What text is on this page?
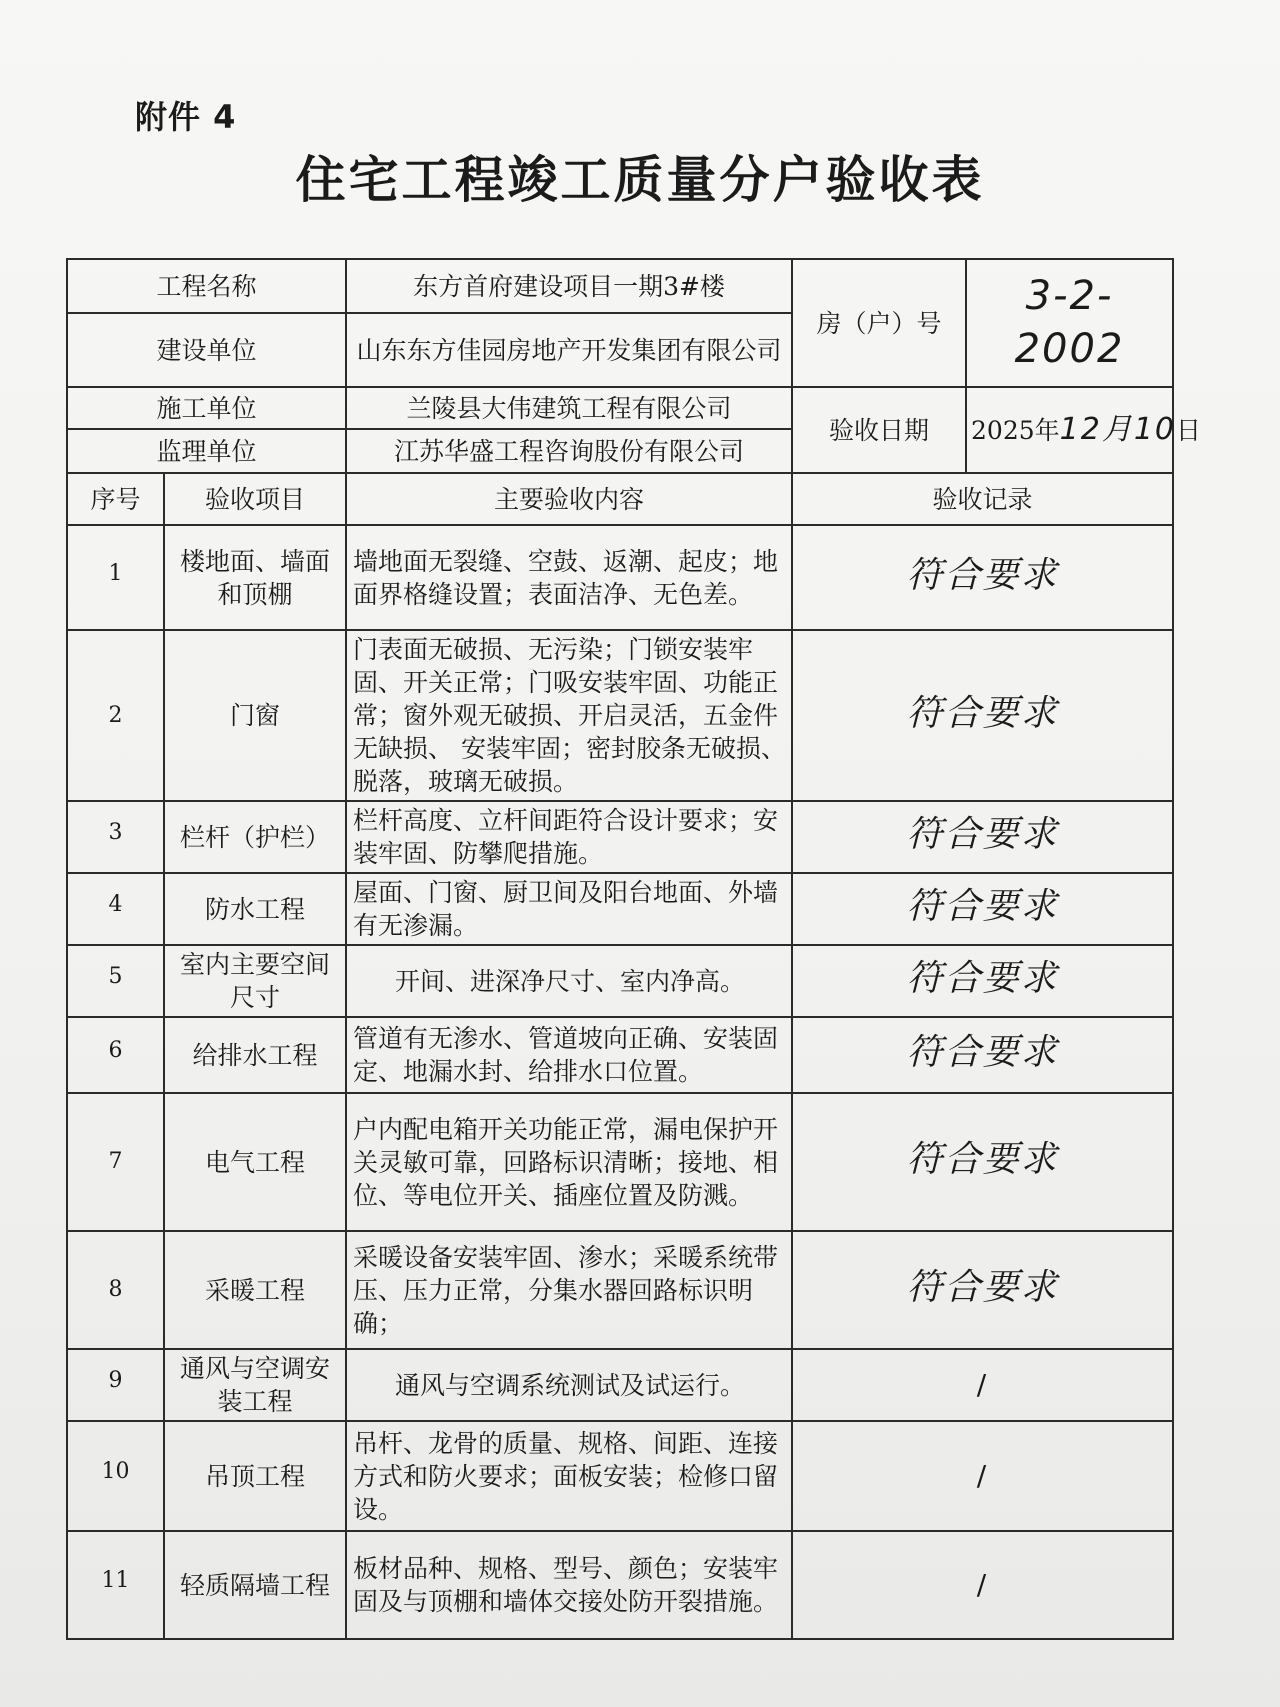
附件 4
住宅工程竣工质量分户验收表
工程名称		东方首府建设项目一期3#楼	房（户）号	3-2-2002
建设单位		山东东方佳园房地产开发集团有限公司		
施工单位		兰陵县大伟建筑工程有限公司	验收日期	2025年12月10日
监理单位		江苏华盛工程咨询股份有限公司		
序号	验收项目	主要验收内容	验收记录	
1	楼地面、墙面和顶棚	墙地面无裂缝、空鼓、返潮、起皮；地面界格缝设置；表面洁净、无色差。	符合要求	
2	门窗	门表面无破损、无污染；门锁安装牢固、开关正常；门吸安装牢固、功能正常；窗外观无破损、开启灵活，五金件无缺损、 安装牢固；密封胶条无破损、脱落，玻璃无破损。	符合要求	
3	栏杆（护栏）	栏杆高度、立杆间距符合设计要求；安装牢固、防攀爬措施。	符合要求	
4	防水工程	屋面、门窗、厨卫间及阳台地面、外墙有无渗漏。	符合要求	
5	室内主要空间尺寸	开间、进深净尺寸、室内净高。	符合要求	
6	给排水工程	管道有无渗水、管道坡向正确、安装固定、地漏水封、给排水口位置。	符合要求	
7	电气工程	户内配电箱开关功能正常，漏电保护开关灵敏可靠，回路标识清晰；接地、相位、等电位开关、插座位置及防溅。	符合要求	
8	采暖工程	采暖设备安装牢固、渗水；采暖系统带压、压力正常，分集水器回路标识明确；	符合要求	
9	通风与空调安装工程	通风与空调系统测试及试运行。	/	
10	吊顶工程	吊杆、龙骨的质量、规格、间距、连接方式和防火要求；面板安装；检修口留设。	/	
11	轻质隔墙工程	板材品种、规格、型号、颜色；安装牢固及与顶棚和墙体交接处防开裂措施。	/	
